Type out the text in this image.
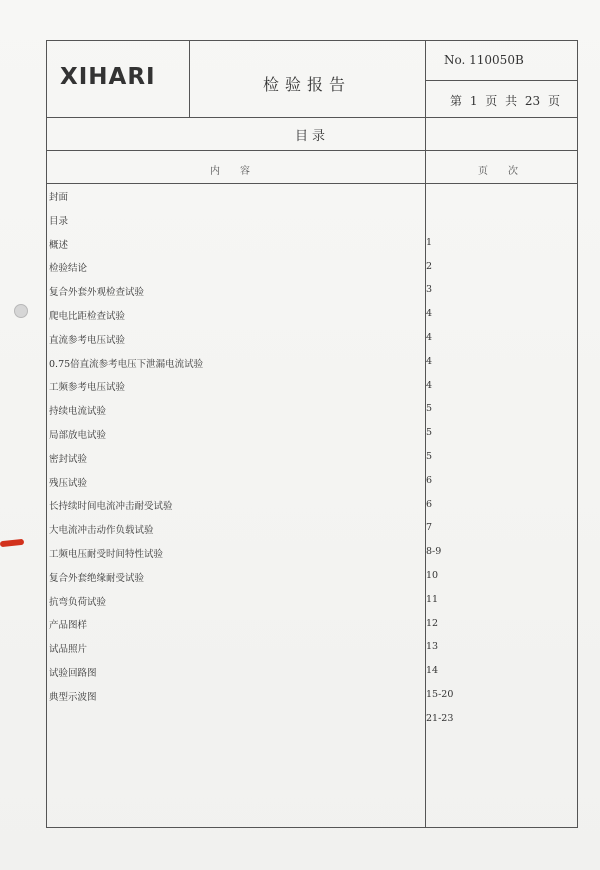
XIHARI	检验报告
No. 110050B
第 1 页 共 23 页
目录
内容	页次
封面
目录
1
概述
2
检验结论
3
复合外套外观检查试验
4
爬电比距检查试验
4
直流参考电压试验
4
0.75倍直流参考电压下泄漏电流试验
4
工频参考电压试验
5
持续电流试验
5
局部放电试验
5
密封试验
6
残压试验
6
长持续时间电流冲击耐受试验
7
大电流冲击动作负载试验
8-9
工频电压耐受时间特性试验
10
复合外套绝缘耐受试验
11
抗弯负荷试验
12
产品图样
13
试品照片
14
试验回路图
15-20
典型示波图
21-23
